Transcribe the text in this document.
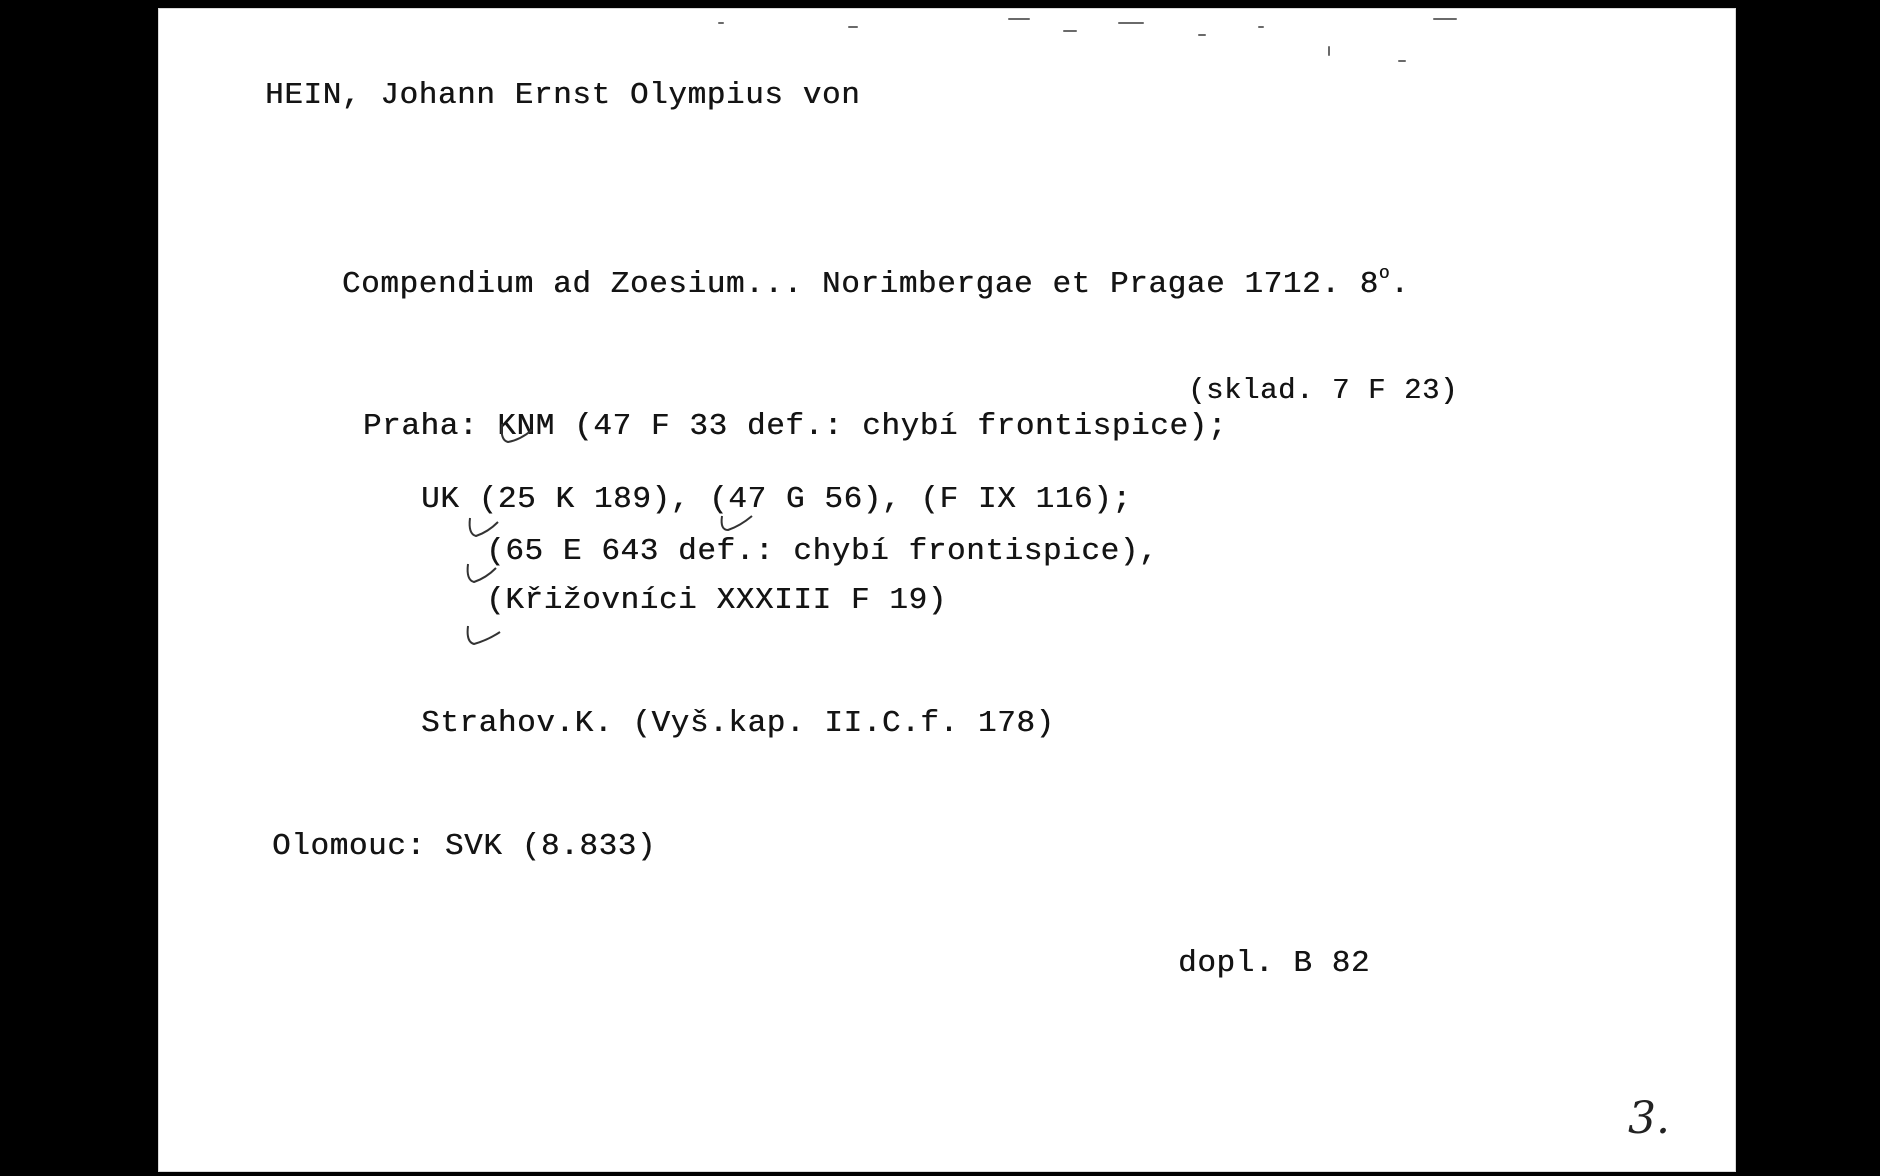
HEIN, Johann Ernst Olympius von

Compendium ad Zoesium... Norimbergae et Pragae 1712. 8$^o$.

Praha: KNM (47 F 33 def.: chybí frontispice);

(sklad. 7 F 23)
UK (25 K 189), (47 G 56), (F IX 116);
(65 E 643 def.: chybí frontispice),
(Křižovníci XXXIII F 19)
Strahov.K. (Vyš.kap. II.C.f. 178)
Olomouc: SVK (8.833)
dopl. B 82
3.
